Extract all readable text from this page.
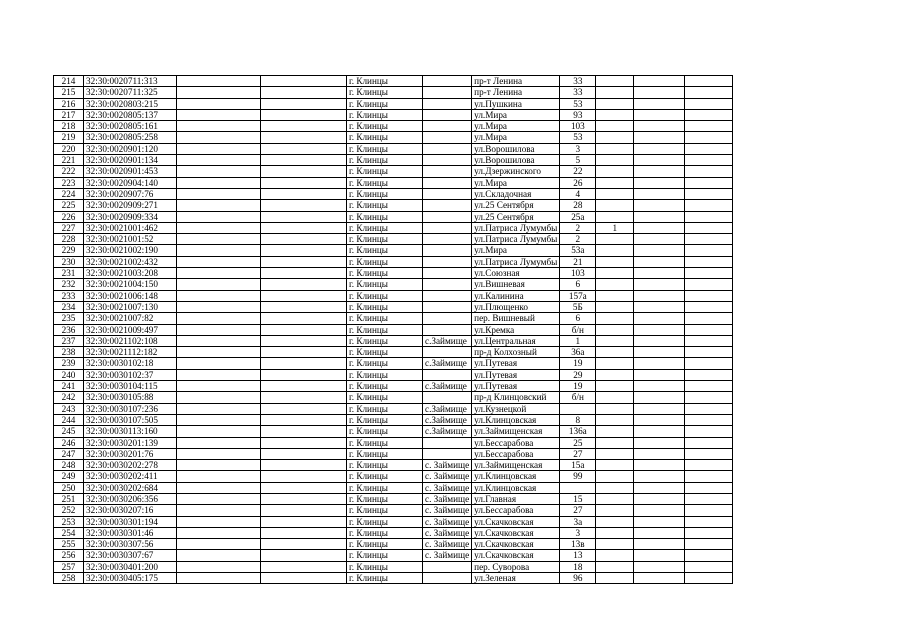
214	32:30:0020711:313			г. Клинцы		пр-т Ленина	33			
215	32:30:0020711:325			г. Клинцы		пр-т Ленина	33			
216	32:30:0020803:215			г. Клинцы		ул.Пушкина	53			
217	32:30:0020805:137			г. Клинцы		ул.Мира	93			
218	32:30:0020805:161			г. Клинцы		ул.Мира	103			
219	32:30:0020805:258			г. Клинцы		ул.Мира	53			
220	32:30:0020901:120			г. Клинцы		ул.Ворошилова	3			
221	32:30:0020901:134			г. Клинцы		ул.Ворошилова	5			
222	32:30:0020901:453			г. Клинцы		ул.Дзержинского	22			
223	32:30:0020904:140			г. Клинцы		ул.Мира	26			
224	32:30:0020907:76			г. Клинцы		ул.Складочная	4			
225	32:30:0020909:271			г. Клинцы		ул.25 Сентября	28			
226	32:30:0020909:334			г. Клинцы		ул.25 Сентября	25а			
227	32:30:0021001:462			г. Клинцы		ул.Патриса Лумумбы	2	1		
228	32:30:0021001:52			г. Клинцы		ул.Патриса Лумумбы	2			
229	32:30:0021002:190			г. Клинцы		ул.Мира	53а			
230	32:30:0021002:432			г. Клинцы		ул.Патриса Лумумбы	21			
231	32:30:0021003:208			г. Клинцы		ул.Союзная	103			
232	32:30:0021004:150			г. Клинцы		ул.Вишневая	6			
233	32:30:0021006:148			г. Клинцы		ул.Калинина	157а			
234	32:30:0021007:130			г. Клинцы		ул.Плющенко	5Б			
235	32:30:0021007:82			г. Клинцы		пер. Вишневый	6			
236	32:30:0021009:497			г. Клинцы		ул.Кремка	б/н			
237	32:30:0021102:108			г. Клинцы	с.Займище	ул.Центральная	1			
238	32:30:0021112:182			г. Клинцы		пр-д Колхозный	36а			
239	32:30:0030102:18			г. Клинцы	с.Займище	ул.Путевая	19			
240	32:30:0030102:37			г. Клинцы		ул.Путевая	29			
241	32:30:0030104:115			г. Клинцы	с.Займище	ул.Путевая	19			
242	32:30:0030105:88			г. Клинцы		пр-д Клинцовский	б/н			
243	32:30:0030107:236			г. Клинцы	с.Займище	ул.Кузнецкой				
244	32:30:0030107:505			г. Клинцы	с.Займище	ул.Клинцовская	8			
245	32:30:0030113:160			г. Клинцы	с.Займище	ул.Займищенская	136а			
246	32:30:0030201:139			г. Клинцы		ул.Бессарабова	25			
247	32:30:0030201:76			г. Клинцы		ул.Бессарабова	27			
248	32:30:0030202:278			г. Клинцы	с. Займище	ул.Займищенская	15а			
249	32:30:0030202:411			г. Клинцы	с. Займище	ул.Клинцовская	99			
250	32:30:0030202:684			г. Клинцы	с. Займище	ул.Клинцовская				
251	32:30:0030206:356			г. Клинцы	с. Займище	ул.Главная	15			
252	32:30:0030207:16			г. Клинцы	с. Займище	ул.Бессарабова	27			
253	32:30:0030301:194			г. Клинцы	с. Займище	ул.Скачковская	3а			
254	32:30:0030301:46			г. Клинцы	с. Займище	ул.Скачковская	3			
255	32:30:0030307:56			г. Клинцы	с. Займище	ул.Скачковская	13в			
256	32:30:0030307:67			г. Клинцы	с. Займище	ул.Скачковская	13			
257	32:30:0030401:200			г. Клинцы		пер. Суворова	18			
258	32:30:0030405:175			г. Клинцы		ул.Зеленая	96			
